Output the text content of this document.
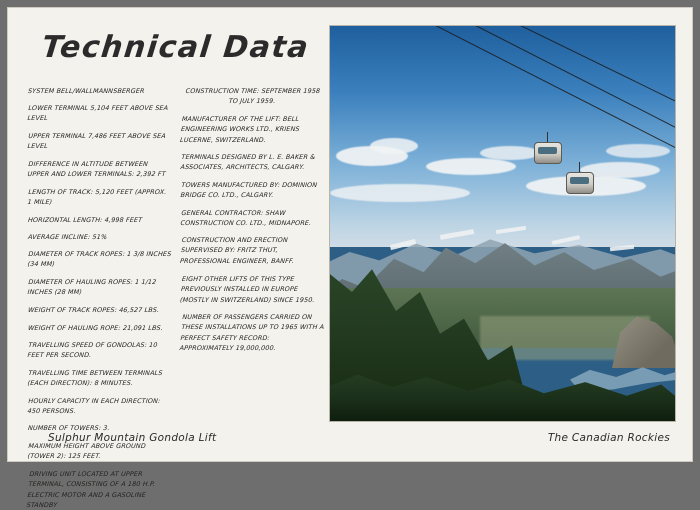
Technical Data

SYSTEM BELL/WALLMANNSBERGER

LOWER TERMINAL 5,104 FEET ABOVE SEA LEVEL

UPPER TERMINAL 7,486 FEET ABOVE SEA LEVEL

DIFFERENCE IN ALTITUDE BETWEEN UPPER AND LOWER TERMINALS: 2,392 FT

LENGTH OF TRACK: 5,120 FEET (APPROX. 1 MILE)

HORIZONTAL LENGTH: 4,998 FEET

AVERAGE INCLINE: 51%

DIAMETER OF TRACK ROPES: 1 3/8 INCHES (34 MM)

DIAMETER OF HAULING ROPES: 1 1/12 INCHES (28 MM)

WEIGHT OF TRACK ROPES: 46,527 LBS.

WEIGHT OF HAULING ROPE: 21,091 LBS.

TRAVELLING SPEED OF GONDOLAS: 10 FEET PER SECOND.

TRAVELLING TIME BETWEEN TERMINALS (EACH DIRECTION): 8 MINUTES.

HOURLY CAPACITY IN EACH DIRECTION: 450 PERSONS.

NUMBER OF TOWERS: 3.

MAXIMUM HEIGHT ABOVE GROUND (TOWER 2): 125 FEET.

DRIVING UNIT LOCATED AT UPPER TERMINAL, CONSISTING OF A 180 H.P. ELECTRIC MOTOR AND A GASOLINE STANDBY

CONSTRUCTION TIME: SEPTEMBER 1958 TO JULY 1959.

MANUFACTURER OF THE LIFT: BELL ENGINEERING WORKS LTD., KRIENS LUCERNE, SWITZERLAND.

TERMINALS DESIGNED BY L. E. BAKER & ASSOCIATES, ARCHITECTS, CALGARY.

TOWERS MANUFACTURED BY: DOMINION BRIDGE CO. LTD., CALGARY.

GENERAL CONTRACTOR: SHAW CONSTRUCTION CO. LTD., MIDNAPORE.

CONSTRUCTION AND ERECTION SUPERVISED BY: FRITZ THUT, PROFESSIONAL ENGINEER, BANFF.

EIGHT OTHER LIFTS OF THIS TYPE PREVIOUSLY INSTALLED IN EUROPE (MOSTLY IN SWITZERLAND) SINCE 1950.

NUMBER OF PASSENGERS CARRIED ON THESE INSTALLATIONS UP TO 1965 WITH A PERFECT SAFETY RECORD: APPROXIMATELY 19,000,000.

Sulphur Mountain Gondola Lift	The Canadian Rockies
